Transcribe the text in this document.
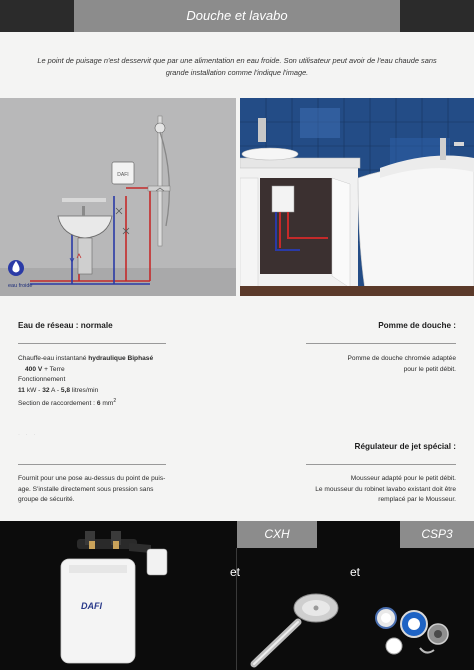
Douche et lavabo
Le point de puisage n'est desservit que par une alimentation en eau froide. Son utilisateur peut avoir de l'eau chaude sans
grande installation comme l'indique l'image.
DAFI
eau froide
Eau de réseau : normale
Chauffe-eau instantané hydraulique Biphasé
400 V + Terre
Fonctionnement
11 kW - 32 A - 5,8 litres/min
Section de raccordement : 6 $mm^2$
· · ·
Fournit pour une pose au-dessus du point de puis-
age. S'installe directement sous pression sans
groupe de sécurité.
Pomme de douche :
Pomme de douche chromée adaptée
pour le petit débit.
Régulateur de jet spécial :
Mousseur adapté pour le petit débit.
Le mousseur du robinet lavabo existant doit être
remplacé par le Mousseur.
CXH	CSP3
DAFI
et	et
